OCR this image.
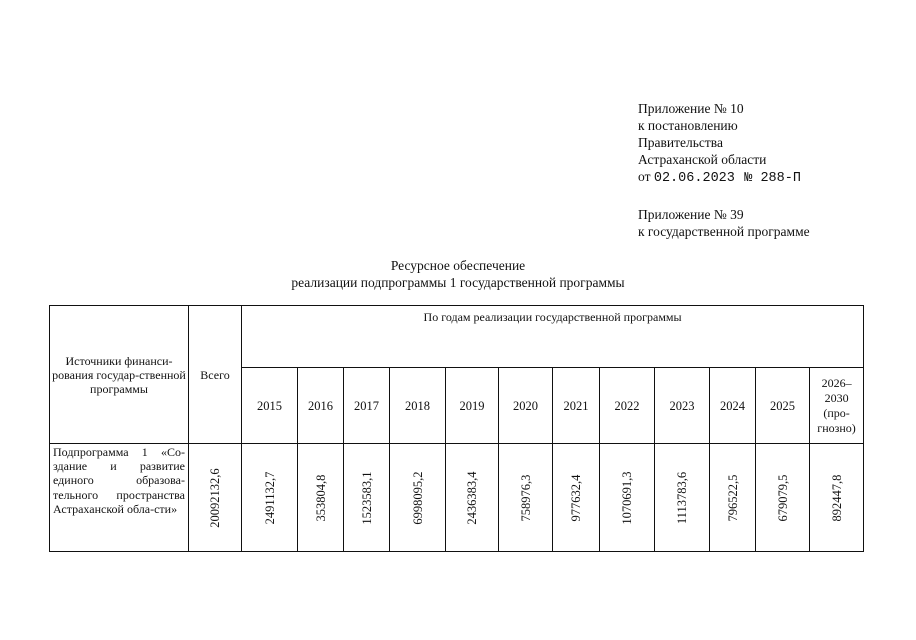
Приложение № 10
к постановлению
Правительства
Астраханской области
от 02.06.2023 № 288-П
Приложение № 39
к государственной программе
Ресурсное обеспечение
реализации подпрограммы 1 государственной программы
Источники финанси-рования государ-ственной программы	Всего	По годам реализации государственной программы											
		2015	2016	2017	2018	2019	2020	2021	2022	2023	2024	2025	2026–
2030
(про-
гнозно)

Подпрограмма 1 «Со-здание и развитие единого образова-тельного пространства Астраханской обла-сти»	20092132,6	2491132,7	353804,8	1523583,1	6998095,2	2436383,4	758976,3	977632,4	1070691,3	1113783,6	796522,5	679079,5	892447,8
